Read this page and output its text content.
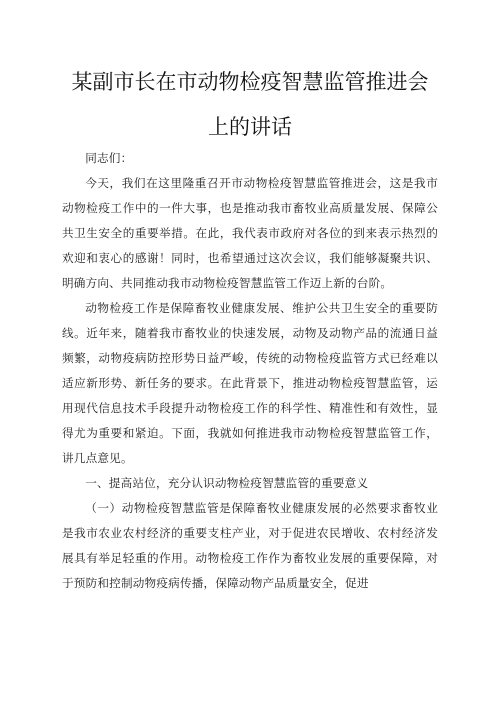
某副市长在市动物检疫智慧监管推进会
上的讲话

同志们：

今天，我们在这里隆重召开市动物检疫智慧监管推进会，这是我市动物检疫工作中的一件大事，也是推动我市畜牧业高质量发展、保障公共卫生安全的重要举措。在此，我代表市政府对各位的到来表示热烈的欢迎和衷心的感谢！同时，也希望通过这次会议，我们能够凝聚共识、明确方向、共同推动我市动物检疫智慧监管工作迈上新的台阶。

动物检疫工作是保障畜牧业健康发展、维护公共卫生安全的重要防线。近年来，随着我市畜牧业的快速发展，动物及动物产品的流通日益频繁，动物疫病防控形势日益严峻，传统的动物检疫监管方式已经难以适应新形势、新任务的要求。在此背景下，推进动物检疫智慧监管，运用现代信息技术手段提升动物检疫工作的科学性、精准性和有效性，显得尤为重要和紧迫。下面，我就如何推进我市动物检疫智慧监管工作，讲几点意见。

一、提高站位，充分认识动物检疫智慧监管的重要意义

（一）动物检疫智慧监管是保障畜牧业健康发展的必然要求畜牧业是我市农业农村经济的重要支柱产业，对于促进农民增收、农村经济发展具有举足轻重的作用。动物检疫工作作为畜牧业发展的重要保障，对于预防和控制动物疫病传播，保障动物产品质量安全，促进
